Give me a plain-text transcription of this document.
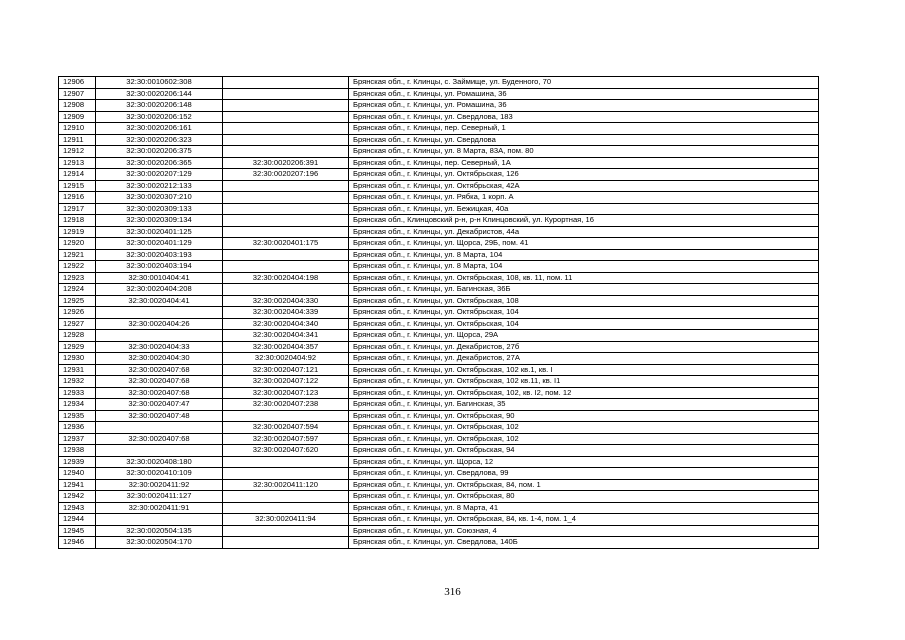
12906	32:30:0010602:308		Брянская обл., г. Клинцы, с. Займище, ул. Буденного, 70
12907	32:30:0020206:144		Брянская обл., г. Клинцы, ул. Ромашина, 36
12908	32:30:0020206:148		Брянская обл., г. Клинцы, ул. Ромашина, 36
12909	32:30:0020206:152		Брянская обл., г. Клинцы, ул. Свердлова, 183
12910	32:30:0020206:161		Брянская обл., г. Клинцы, пер. Северный, 1
12911	32:30:0020206:323		Брянская обл., г. Клинцы, ул. Свердлова
12912	32:30:0020206:375		Брянская обл., г. Клинцы, ул. 8 Марта, 83А, пом. 80
12913	32:30:0020206:365	32:30:0020206:391	Брянская обл., г. Клинцы, пер. Северный, 1А
12914	32:30:0020207:129	32:30:0020207:196	Брянская обл., г. Клинцы, ул. Октябрьская, 126
12915	32:30:0020212:133		Брянская обл., г. Клинцы, ул. Октябрьская, 42А
12916	32:30:0020307:210		Брянская обл., г. Клинцы, ул. Рябка, 1 корп. А
12917	32:30:0020309:133		Брянская обл., г. Клинцы, ул. Бежицкая, 40а
12918	32:30:0020309:134		Брянская обл., Клинцовский р-н, р-н Клинцовский, ул. Курортная, 16
12919	32:30:0020401:125		Брянская обл., г. Клинцы, ул. Декабристов, 44а
12920	32:30:0020401:129	32:30:0020401:175	Брянская обл., г. Клинцы, ул. Щорса, 29Б, пом. 41
12921	32:30:0020403:193		Брянская обл., г. Клинцы, ул. 8 Марта, 104
12922	32:30:0020403:194		Брянская обл., г. Клинцы, ул. 8 Марта, 104
12923	32:30:0010404:41	32:30:0020404:198	Брянская обл., г. Клинцы, ул. Октябрьская, 108, кв. 11, пом. 11
12924	32:30:0020404:208		Брянская обл., г. Клинцы, ул. Багинская, 36Б
12925	32:30:0020404:41	32:30:0020404:330	Брянская обл., г. Клинцы, ул. Октябрьская, 108
12926		32:30:0020404:339	Брянская обл., г. Клинцы, ул. Октябрьская, 104
12927	32:30:0020404:26	32:30:0020404:340	Брянская обл., г. Клинцы, ул. Октябрьская, 104
12928		32:30:0020404:341	Брянская обл., г. Клинцы, ул. Щорса, 29А
12929	32:30:0020404:33	32:30:0020404:357	Брянская обл., г. Клинцы, ул. Декабристов, 27б
12930	32:30:0020404:30	32:30:0020404:92	Брянская обл., г. Клинцы, ул. Декабристов, 27А
12931	32:30:0020407:68	32:30:0020407:121	Брянская обл., г. Клинцы, ул. Октябрьская, 102 кв.1, кв. I
12932	32:30:0020407:68	32:30:0020407:122	Брянская обл., г. Клинцы, ул. Октябрьская, 102 кв.11, кв. I1
12933	32:30:0020407:68	32:30:0020407:123	Брянская обл., г. Клинцы, ул. Октябрьская, 102, кв. I2, пом. 12
12934	32:30:0020407:47	32:30:0020407:238	Брянская обл., г. Клинцы, ул. Багинская, 35
12935	32:30:0020407:48		Брянская обл., г. Клинцы, ул. Октябрьская, 90
12936		32:30:0020407:594	Брянская обл., г. Клинцы, ул. Октябрьская, 102
12937	32:30:0020407:68	32:30:0020407:597	Брянская обл., г. Клинцы, ул. Октябрьская, 102
12938		32:30:0020407:620	Брянская обл., г. Клинцы, ул. Октябрьская, 94
12939	32:30:0020408:180		Брянская обл., г. Клинцы, ул. Щорса, 12
12940	32:30:0020410:109		Брянская обл., г. Клинцы, ул. Свердлова, 99
12941	32:30:0020411:92	32:30:0020411:120	Брянская обл., г. Клинцы, ул. Октябрьская, 84, пом. 1
12942	32:30:0020411:127		Брянская обл., г. Клинцы, ул. Октябрьская, 80
12943	32:30:0020411:91		Брянская обл., г. Клинцы, ул. 8 Марта, 41
12944		32:30:0020411:94	Брянская обл., г. Клинцы, ул. Октябрьская, 84, кв. 1-4, пом. 1_4
12945	32:30:0020504:135		Брянская обл., г. Клинцы, ул. Союзная, 4
12946	32:30:0020504:170		Брянская обл., г. Клинцы, ул. Свердлова, 140Б
316
